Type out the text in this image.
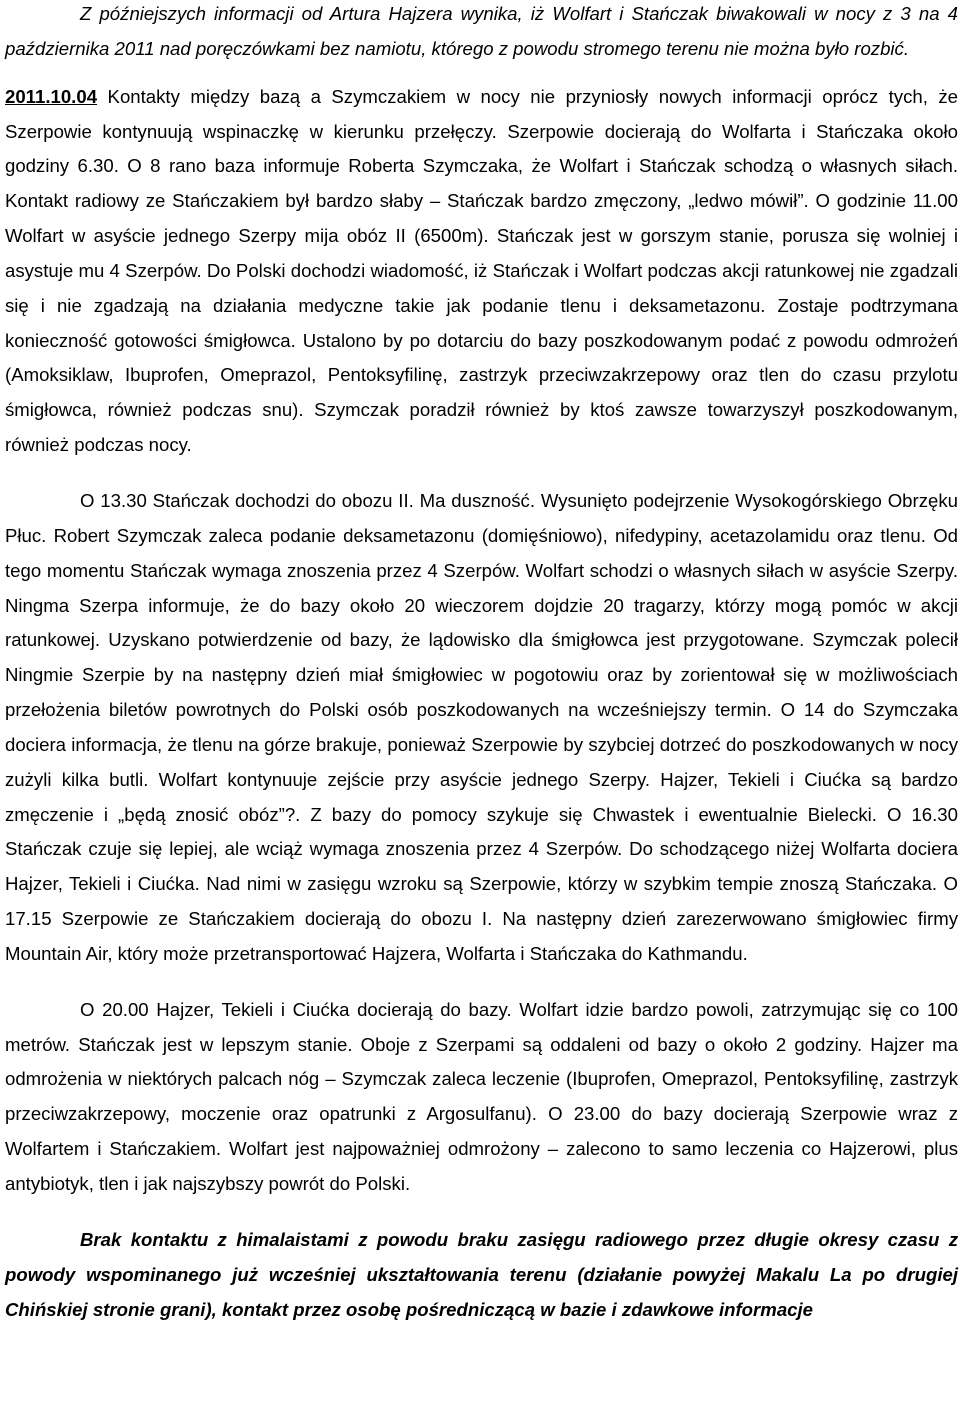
Z późniejszych informacji od Artura Hajzera wynika, iż Wolfart i Stańczak biwakowali w nocy z 3 na 4 października 2011 nad poręczówkami bez namiotu, którego z powodu stromego terenu nie można było rozbić.

2011.10.04 Kontakty między bazą a Szymczakiem w nocy nie przyniosły nowych informacji oprócz tych, że Szerpowie kontynuują wspinaczkę w kierunku przełęczy. Szerpowie docierają do Wolfarta i Stańczaka około godziny 6.30. O 8 rano baza informuje Roberta Szymczaka, że Wolfart i Stańczak schodzą o własnych siłach. Kontakt radiowy ze Stańczakiem był bardzo słaby – Stańczak bardzo zmęczony, „ledwo mówił”. O godzinie 11.00 Wolfart w asyście jednego Szerpy mija obóz II (6500m). Stańczak jest w gorszym stanie, porusza się wolniej i asystuje mu 4 Szerpów. Do Polski dochodzi wiadomość, iż Stańczak i Wolfart podczas akcji ratunkowej nie zgadzali się i nie zgadzają na działania medyczne takie jak podanie tlenu i deksametazonu. Zostaje podtrzymana konieczność gotowości śmigłowca. Ustalono by po dotarciu do bazy poszkodowanym podać z powodu odmrożeń (Amoksiklaw, Ibuprofen, Omeprazol, Pentoksyfilinę, zastrzyk przeciwzakrzepowy oraz tlen do czasu przylotu śmigłowca, również podczas snu). Szymczak poradził również by ktoś zawsze towarzyszył poszkodowanym, również podczas nocy.

O 13.30 Stańczak dochodzi do obozu II. Ma duszność. Wysunięto podejrzenie Wysokogórskiego Obrzęku Płuc. Robert Szymczak zaleca podanie deksametazonu (domięśniowo), nifedypiny, acetazolamidu oraz tlenu. Od tego momentu Stańczak wymaga znoszenia przez 4 Szerpów. Wolfart schodzi o własnych siłach w asyście Szerpy. Ningma Szerpa informuje, że do bazy około 20 wieczorem dojdzie 20 tragarzy, którzy mogą pomóc w akcji ratunkowej. Uzyskano potwierdzenie od bazy, że lądowisko dla śmigłowca jest przygotowane. Szymczak polecił Ningmie Szerpie by na następny dzień miał śmigłowiec w pogotowiu oraz by zorientował się w możliwościach przełożenia biletów powrotnych do Polski osób poszkodowanych na wcześniejszy termin. O 14 do Szymczaka dociera informacja, że tlenu na górze brakuje, ponieważ Szerpowie by szybciej dotrzeć do poszkodowanych w nocy zużyli kilka butli. Wolfart kontynuuje zejście przy asyście jednego Szerpy. Hajzer, Tekieli i Ciućka są bardzo zmęczenie i „będą znosić obóz”?. Z bazy do pomocy szykuje się Chwastek i ewentualnie Bielecki. O 16.30 Stańczak czuje się lepiej, ale wciąż wymaga znoszenia przez 4 Szerpów. Do schodzącego niżej Wolfarta dociera Hajzer, Tekieli i Ciućka. Nad nimi w zasięgu wzroku są Szerpowie, którzy w szybkim tempie znoszą Stańczaka. O 17.15 Szerpowie ze Stańczakiem docierają do obozu I. Na następny dzień zarezerwowano śmigłowiec firmy Mountain Air, który może przetransportować Hajzera, Wolfarta i Stańczaka do Kathmandu.

O 20.00 Hajzer, Tekieli i Ciućka docierają do bazy. Wolfart idzie bardzo powoli, zatrzymując się co 100 metrów. Stańczak jest w lepszym stanie. Oboje z Szerpami są oddaleni od bazy o około 2 godziny. Hajzer ma odmrożenia w niektórych palcach nóg – Szymczak zaleca leczenie (Ibuprofen, Omeprazol, Pentoksyfilinę, zastrzyk przeciwzakrzepowy, moczenie oraz opatrunki z Argosulfanu). O 23.00 do bazy docierają Szerpowie wraz z Wolfartem i Stańczakiem. Wolfart jest najpoważniej odmrożony – zalecono to samo leczenia co Hajzerowi, plus antybiotyk, tlen i jak najszybszy powrót do Polski.

Brak kontaktu z himalaistami z powodu braku zasięgu radiowego przez długie okresy czasu z powody wspominanego już wcześniej ukształtowania terenu (działanie powyżej Makalu La po drugiej Chińskiej stronie grani), kontakt przez osobę pośredniczącą w bazie i zdawkowe informacje
